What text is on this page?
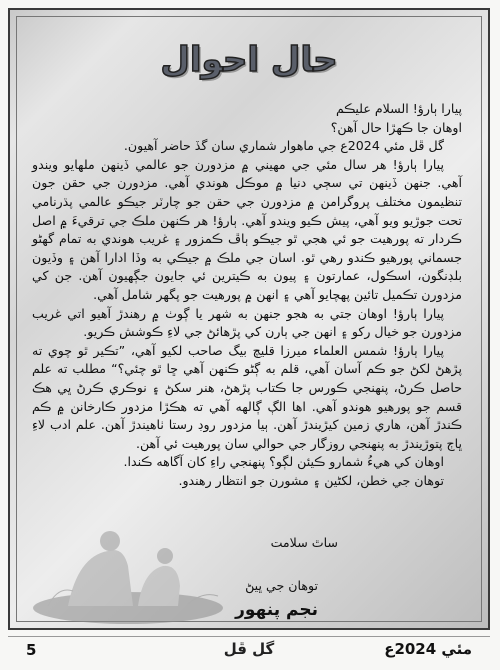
حال احوال

پيارا ٻارؤ! السلام عليڪم

اوهان جا ڪهڙا حال آهن؟

گل ڦل مئي 2024ع جي ماهوار شماري سان گڏ حاضر آهيون.

پيارا ٻارؤ! هر سال مئي جي مهيني ۾ مزدورن جو عالمي ڏينهن ملهايو ويندو آهي. جنهن ڏينهن تي سڄي دنيا ۾ موڪل هوندي آهي. مزدورن جي حقن جون تنظيمون مختلف پروگرامن ۾ مزدورن جي حقن جو چارٽر جيڪو عالمي پڌرنامي تحت جوڙيو ويو آهي، پيش ڪيو ويندو آهي. ٻارؤ! هر ڪنهن ملڪ جي ترقيءَ ۾ اصل ڪردار ته پورهيت جو ئي هجي ٿو جيڪو ٻاڦ ڪمزور ۽ غريب هوندي به تمام گهڻو جسماني پورهيو ڪندو رهي ٿو. اسان جي ملڪ ۾ جيڪي به وڏا ادارا آهن ۽ وڏيون بلڊنگون، اسڪول، عمارتون ۽ پيون به ڪيترين ئي جايون جڳهيون آهن. جن کي مزدورن تڪميل تائين پهچايو آهي ۽ انهن ۾ پورهيت جو پگهر شامل آهي.

پيارا ٻارؤ! اوهان جتي به هجو جنهن به شهر يا ڳوٺ ۾ رهندڙ آهيو اتي غريب مزدورن جو خيال رکو ۽ انهن جي ٻارن کي پڙهائڻ جي لاءِ ڪوشش ڪريو.

پيارا ٻارؤ! شمس العلماء ميرزا قليچ بيگ صاحب لکيو آهي، ”تڪير ٿو چوي ته پڙهڻ لکڻ جو ڪم آسان آهي، قلم به ڳڻو ڪنهن آهي ڇا ٿو چئي؟“ مطلب ته علم حاصل ڪرڻ، پنهنجي ڪورس جا ڪتاب پڙهڻ، هنر سکڻ ۽ نوڪري ڪرڻ ڀي هڪ قسم جو پورهيو هوندو آهي. اها الڳ ڳالهه آهي ته هڪڙا مزدور ڪارخانن ۾ ڪم ڪندڙ آهن، هاري زمين کيڙيندڙ آهن. ٻيا مزدور روڊ رستا ٺاهيندڙ آهن. علم ادب لاءِ ڀاڄ پتوڙيندڙ به پنهنجي روزگار جي حوالي سان پورهيت ئي آهن.

اوهان کي هيءُ شمارو ڪيئن لڳو؟ پنهنجي راءِ کان آگاهه ڪندا.

توهان جي خطن، لکڻين ۽ مشورن جو انتظار رهندو.

ساٿ سلامت
توهان جي ڀيڻ
نجم پنهور
5	گل ڦل	مئي 2024ع
